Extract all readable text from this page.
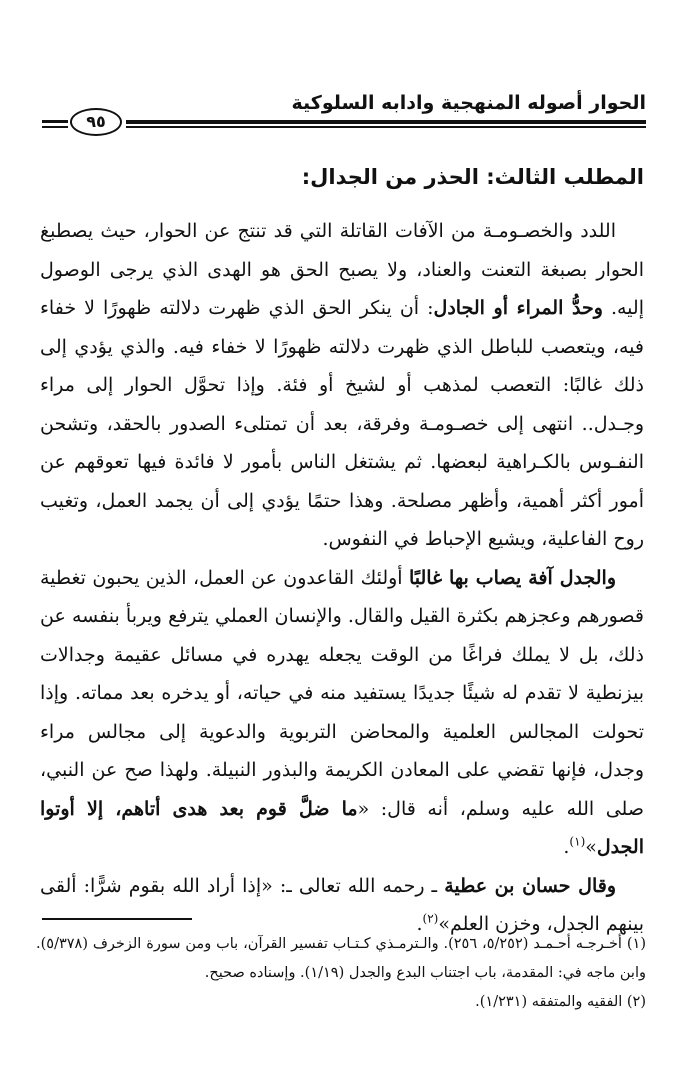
الحوار أصوله المنهجية وادابه السلوكية
٩٥
المطلب الثالث: الحذر من الجدال:

اللدد والخصـومـة من الآفات القاتلة التي قد تنتج عن الحوار، حيث يصطبغ الحوار بصبغة التعنت والعناد، ولا يصبح الحق هو الهدى الذي يرجى الوصول إليه. وحدُّ المراء أو الجادل: أن ينكر الحق الذي ظهرت دلالته ظهورًا لا خفاء فيه، ويتعصب للباطل الذي ظهرت دلالته ظهورًا لا خفاء فيه. والذي يؤدي إلى ذلك غالبًا: التعصب لمذهب أو لشيخ أو فئة. وإذا تحوَّل الحوار إلى مراء وجـدل.. انتهى إلى خصـومـة وفرقة، بعد أن تمتلىء الصدور بالحقد، وتشحن النفـوس بالكـراهية لبعضها. ثم يشتغل الناس بأمور لا فائدة فيها تعوقهم عن أمور أكثر أهمية، وأظهر مصلحة. وهذا حتمًا يؤدي إلى أن يجمد العمل، وتغيب روح الفاعلية، ويشيع الإحباط في النفوس.

والجدل آفة يصاب بها غالبًا أولئك القاعدون عن العمل، الذين يحبون تغطية قصورهم وعجزهم بكثرة القيل والقال. والإنسان العملي يترفع ويربأ بنفسه عن ذلك، بل لا يملك فراغًا من الوقت يجعله يهدره في مسائل عقيمة وجدالات بيزنطية لا تقدم له شيئًا جديدًا يستفيد منه في حياته، أو يدخره بعد مماته. وإذا تحولت المجالس العلمية والمحاضن التربوية والدعوية إلى مجالس مراء وجدل، فإنها تقضي على المعادن الكريمة والبذور النبيلة. ولهذا صح عن النبي، صلى الله عليه وسلم، أنه قال: «ما ضلَّ قوم بعد هدى أتاهم، إلا أوتوا الجدل»$^{(١)}$.

وقال حسان بن عطية ـ رحمه الله تعالى ـ: «إذا أراد الله بقوم شرًّا: ألقى بينهم الجدل، وخزن العلم»$^{(٢)}$.

(١) أخـرجـه أحـمـد (٥/٢٥٢، ٢٥٦). والـترمـذي كـتـاب تفسير القرآن، باب ومن سورة الزخرف (٥/٣٧٨). وابن ماجه في: المقدمة، باب اجتناب البدع والجدل (١/١٩). وإسناده صحيح.

(٢) الفقيه والمتفقه (١/٢٣١).
